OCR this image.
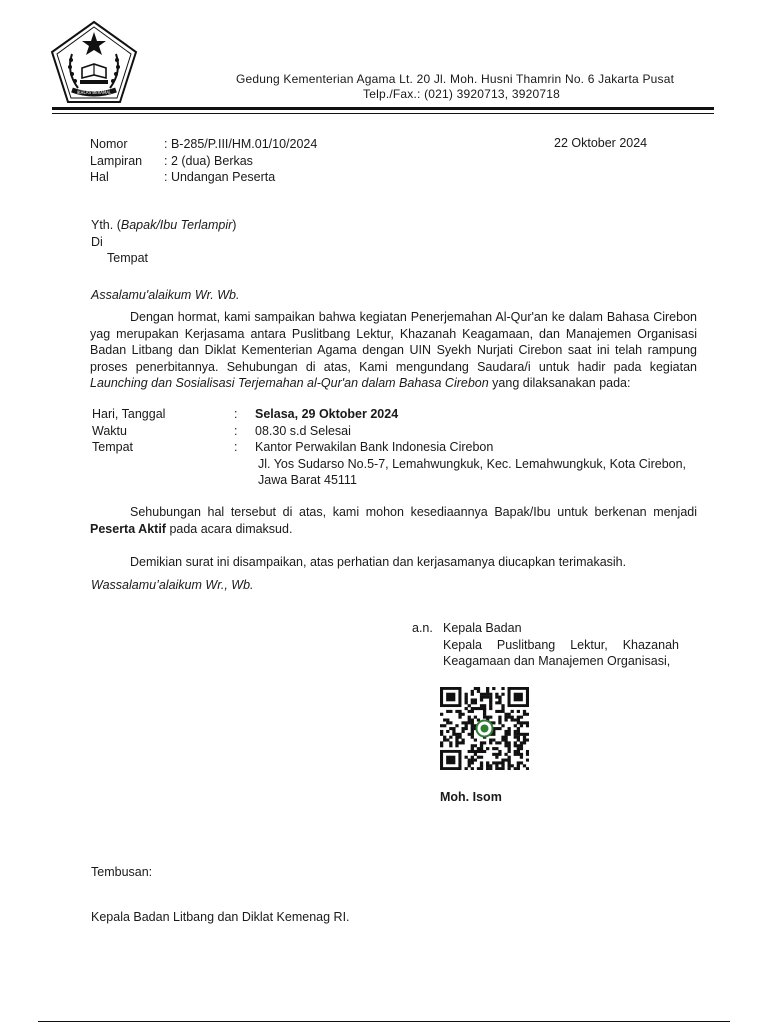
IKHLAS BERAMAL
Gedung Kementerian Agama Lt. 20 Jl. Moh. Husni Thamrin No. 6 Jakarta Pusat
Telp./Fax.: (021) 3920713, 3920718
Nomor	: B-285/P.III/HM.01/10/2024
Lampiran	: 2 (dua) Berkas
Hal	: Undangan Peserta
22 Oktober 2024
Yth. (Bapak/Ibu Terlampir)
Di
Tempat
Assalamu'alaikum Wr. Wb.
Dengan hormat, kami sampaikan bahwa kegiatan Penerjemahan Al-Qur'an ke dalam Bahasa Cirebon yag merupakan Kerjasama antara Puslitbang Lektur, Khazanah Keagamaan, dan Manajemen Organisasi Badan Litbang dan Diklat Kementerian Agama dengan UIN Syekh Nurjati Cirebon saat ini telah rampung proses penerbitannya. Sehubungan di atas, Kami mengundang Saudara/i untuk hadir pada kegiatan Launching dan Sosialisasi Terjemahan al-Qur'an dalam Bahasa Cirebon yang dilaksanakan pada:
Hari, Tanggal	:	Selasa, 29 Oktober 2024
Waktu	:	08.30 s.d Selesai
Tempat	:	Kantor Perwakilan Bank Indonesia Cirebon
Jl. Yos Sudarso No.5-7, Lemahwungkuk, Kec. Lemahwungkuk, Kota Cirebon,
Jawa Barat 45111
Sehubungan hal tersebut di atas, kami mohon kesediaannya Bapak/Ibu untuk berkenan menjadi Peserta Aktif pada acara dimaksud.
Demikian surat ini disampaikan, atas perhatian dan kerjasamanya diucapkan terimakasih.
Wassalamu’alaikum Wr., Wb.
a.n. Kepala Badan
Kepala Puslitbang Lektur, Khazanah Keagamaan dan Manajemen Organisasi,
Moh. Isom
Tembusan:
Kepala Badan Litbang dan Diklat Kemenag RI.
